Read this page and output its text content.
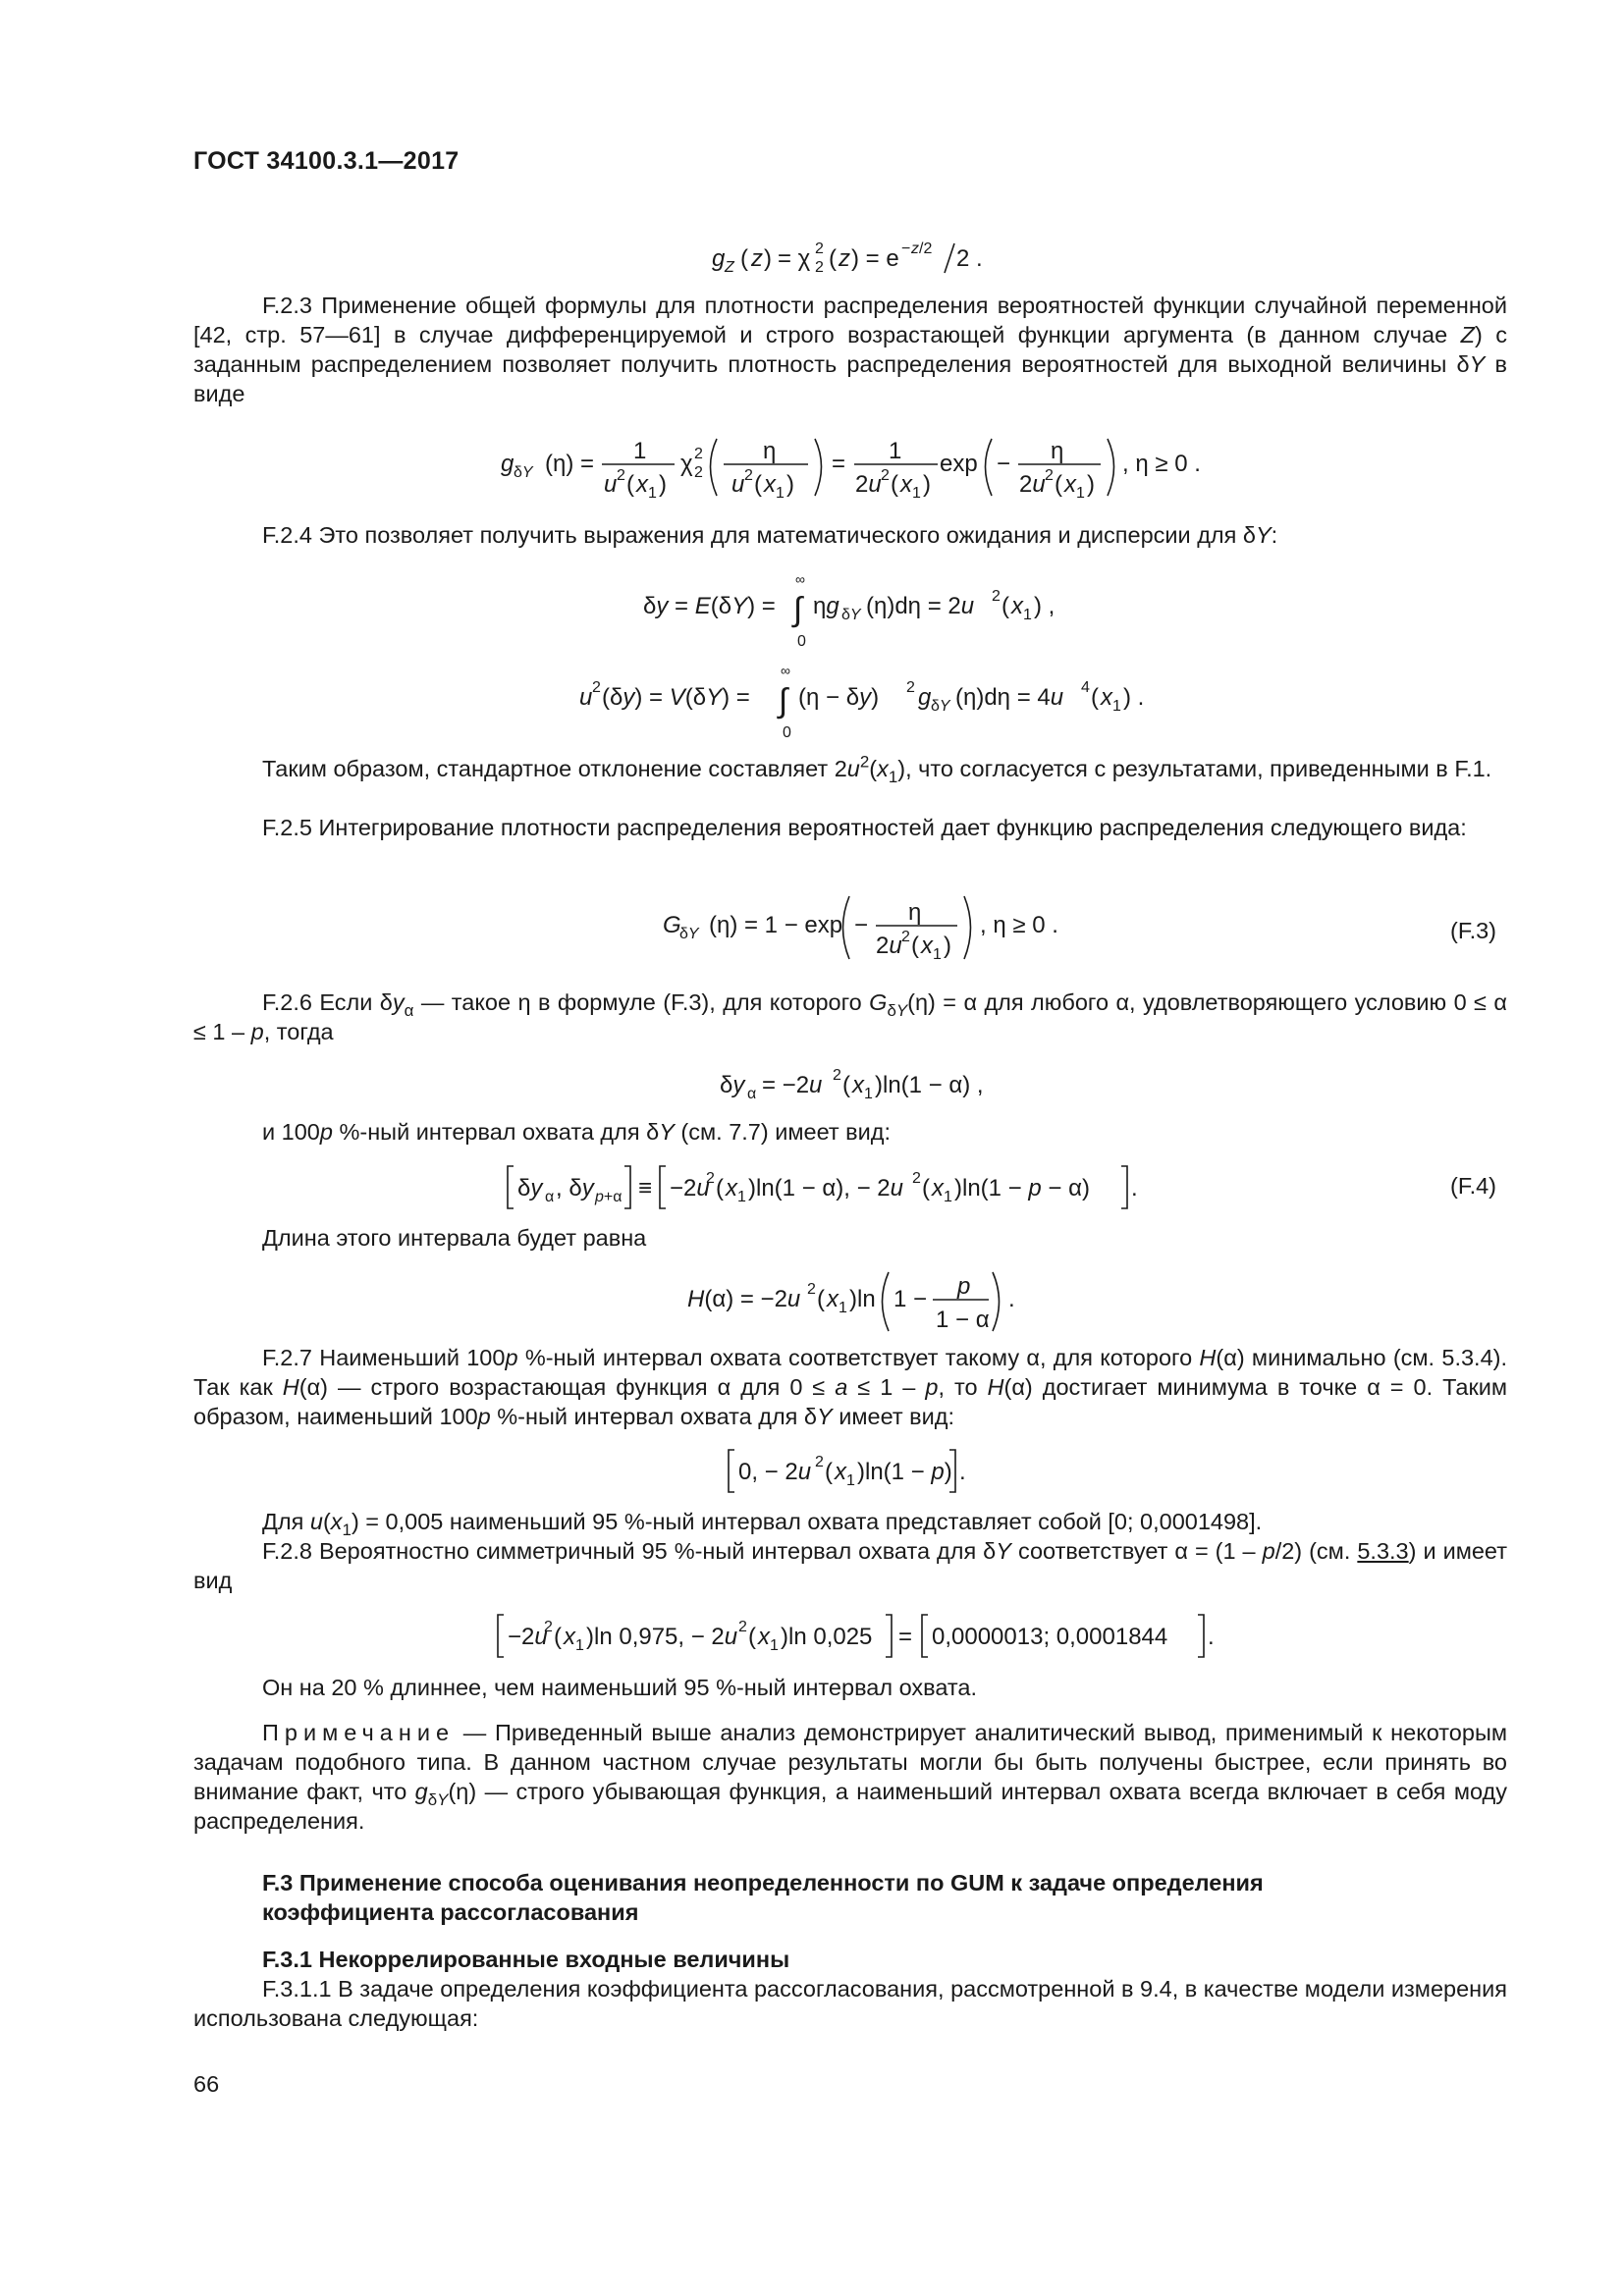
ГОСТ 34100.3.1—2017
g Z ( z ) = χ 2
2 ( z ) = e − z /2 2 .
F.2.3 Применение общей формулы для плотности распределения вероятностей функции случайной переменной [42, стр. 57—61] в случае дифференцируемой и строго возрастающей функции аргумента (в данном случае Z) с заданным распределением позволяет получить плотность распределения вероятностей для выходной величины δY в виде
g δY (η) = 1
u 2 ( x 1 )
χ 2
2	η
u 2 ( x 1 )
= 1
2u 2 ( x 1 )
exp − η
2u 2 ( x 1 )
, η ≥ 0 .
F.2.4 Это позволяет получить выражения для математического ожидания и дисперсии для δY:
δy = E(δY) =
∞
∫
0
ηg δY (η)dη = 2u 2 ( x 1 ) ,
u 2 (δy) = V(δY) =
∞
∫
0
(η − δy) 2 g δY (η)dη = 4u 4 ( x 1 ) .
Таким образом, стандартное отклонение составляет $2u^2(x_1)$, что согласуется с результатами, приведенными в F.1.
F.2.5 Интегрирование плотности распределения вероятностей дает функцию распределения следующего вида:
G
δY (η) = 1 − exp − η
2u 2 ( x 1 )
, η ≥ 0 .	(F.3)
F.2.6 Если $\delta y_\alpha$ — такое η в формуле (F.3), для которого $G_{\delta Y}(\eta) = \alpha$ для любого α, удовлетворяющего условию 0 ≤ α ≤ 1 – p, тогда
δy α = −2u 2 ( x 1 )ln(1 − α) ,
и 100p %-ный интервал охвата для δY (см. 7.7) имеет вид:
δy α , δy p+α ≡ −2u
2 ( x 1 )ln(1 − α), − 2u 2 ( x 1 )ln(1 − p − α) .	(F.4)
Длина этого интервала будет равна
H(α) = −2u 2 ( x 1 )ln 1 − p
1 − α
.
F.2.7 Наименьший 100p %-ный интервал охвата соответствует такому α, для которого H(α) минимально (см. 5.3.4). Так как H(α) — строго возрастающая функция α для 0 ≤ a ≤ 1 – p, то H(α) достигает минимума в точке α = 0. Таким образом, наименьший 100p %-ный интервал охвата для δY имеет вид:
0, − 2u 2 ( x 1 )ln(1 − p) .
Для $u(x_1) = 0,005$ наименьший 95 %-ный интервал охвата представляет собой [0; 0,0001498].
F.2.8 Вероятностно симметричный 95 %-ный интервал охвата для δY соответствует α = (1 – p/2) (см. 5.3.3) и имеет вид
−2u
2 ( x 1 )ln 0,975, − 2u 2 ( x 1 )ln 0,025 = 0,0000013; 0,0001844 .
Он на 20 % длиннее, чем наименьший 95 %-ный интервал охвата.
Примечание — Приведенный выше анализ демонстрирует аналитический вывод, применимый к некоторым задачам подобного типа. В данном частном случае результаты могли бы быть получены быстрее, если принять во внимание факт, что $g_{\delta Y}(\eta)$ — строго убывающая функция, а наименьший интервал охвата всегда включает в себя моду распределения.
F.3 Применение способа оценивания неопределенности по GUM к задаче определения коэффициента рассогласования
F.3.1 Некоррелированные входные величины
F.3.1.1 В задаче определения коэффициента рассогласования, рассмотренной в 9.4, в качестве модели измерения использована следующая:
66
